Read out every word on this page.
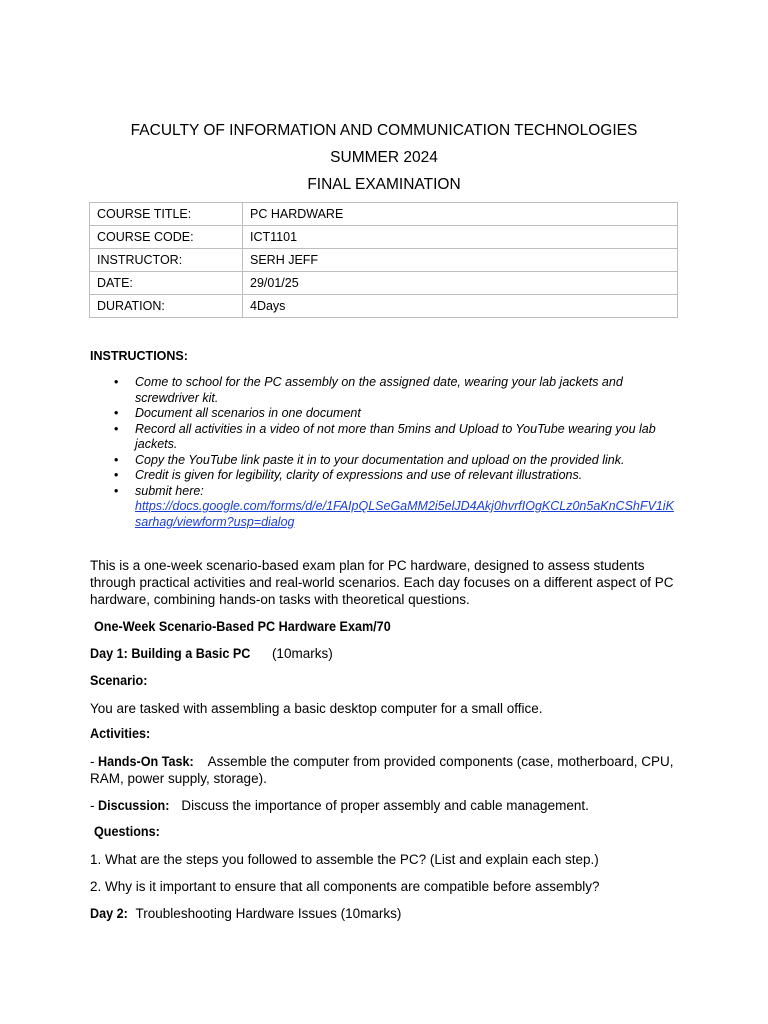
FACULTY OF INFORMATION AND COMMUNICATION TECHNOLOGIES
SUMMER 2024
FINAL EXAMINATION
COURSE TITLE:	PC HARDWARE
COURSE CODE:	ICT1101
INSTRUCTOR:	SERH JEFF
DATE:	29/01/25
DURATION:	4Days
INSTRUCTIONS:
• Come to school for the PC assembly on the assigned date, wearing your lab jackets and screwdriver kit.
• Document all scenarios in one document
• Record all activities in a video of not more than 5mins and Upload to YouTube wearing you lab jackets.
• Copy the YouTube link paste it in to your documentation and upload on the provided link.
• Credit is given for legibility, clarity of expressions and use of relevant illustrations.
• submit here:
https://docs.google.com/forms/d/e/1FAIpQLSeGaMM2i5elJD4Akj0hvrfIOgKCLz0n5aKnCShFV1iKsarhag/viewform?usp=dialog
This is a one-week scenario-based exam plan for PC hardware, designed to assess students through practical activities and real-world scenarios. Each day focuses on a different aspect of PC hardware, combining hands-on tasks with theoretical questions.
One-Week Scenario-Based PC Hardware Exam/70
Day 1: Building a Basic PC (10marks)
Scenario:
You are tasked with assembling a basic desktop computer for a small office.
Activities:
- Hands-On Task: Assemble the computer from provided components (case, motherboard, CPU, RAM, power supply, storage).
- Discussion: Discuss the importance of proper assembly and cable management.
Questions:
1. What are the steps you followed to assemble the PC? (List and explain each step.)
2. Why is it important to ensure that all components are compatible before assembly?
Day 2: Troubleshooting Hardware Issues (10marks)
